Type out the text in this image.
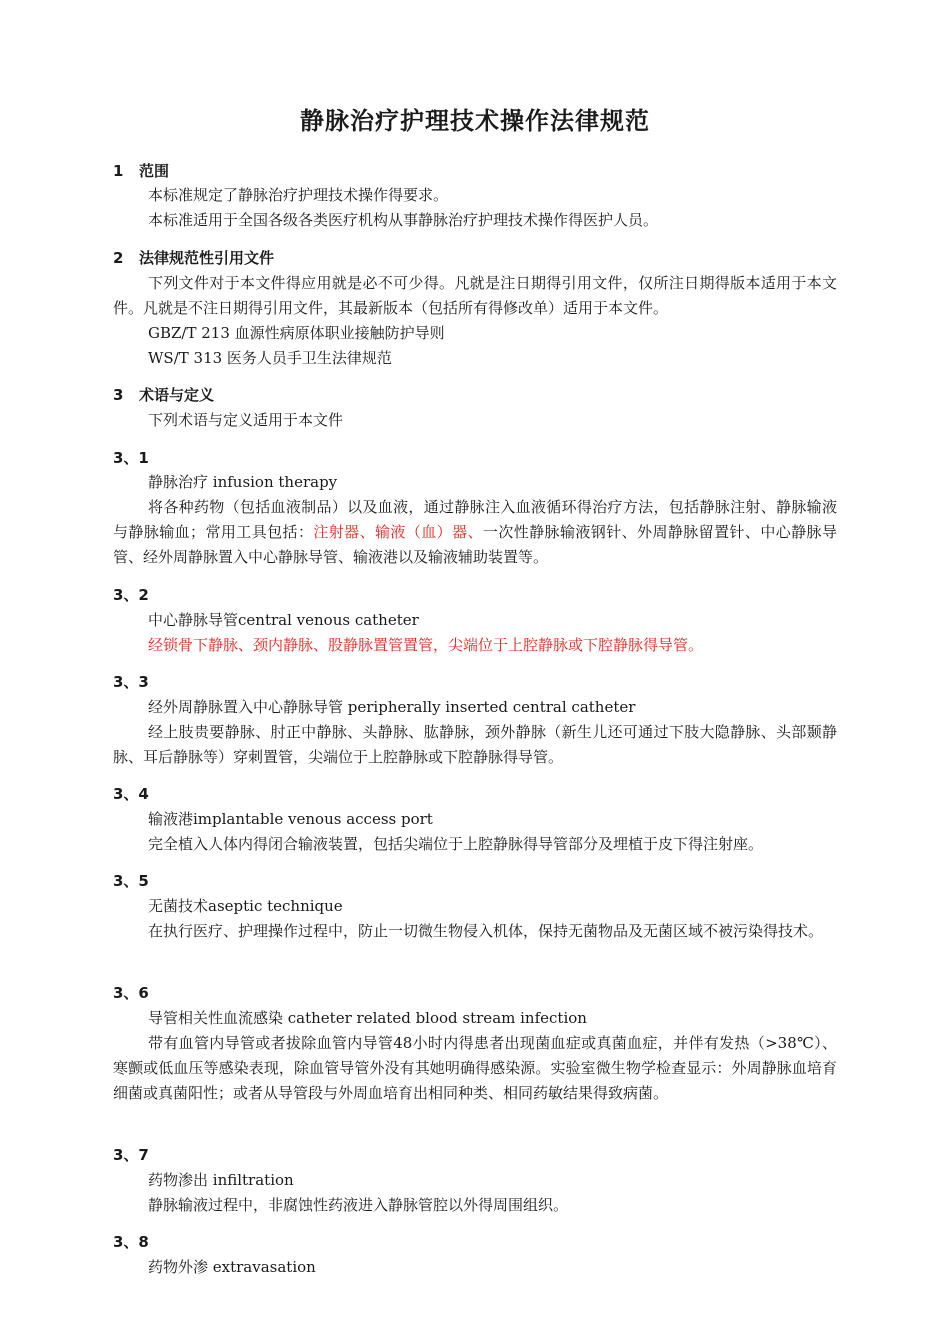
静脉治疗护理技术操作法律规范
1 范围
本标准规定了静脉治疗护理技术操作得要求。
本标准适用于全国各级各类医疗机构从事静脉治疗护理技术操作得医护人员。
2 法律规范性引用文件
下列文件对于本文件得应用就是必不可少得。凡就是注日期得引用文件，仅所注日期得版本适用于本文件。凡就是不注日期得引用文件，其最新版本（包括所有得修改单）适用于本文件。
GBZ/T 213 血源性病原体职业接触防护导则
WS/T 313 医务人员手卫生法律规范
3 术语与定义
下列术语与定义适用于本文件
3、1
静脉治疗 infusion therapy
将各种药物（包括血液制品）以及血液，通过静脉注入血液循环得治疗方法，包括静脉注射、静脉输液与静脉输血；常用工具包括：注射器、输液（血）器、一次性静脉输液钢针、外周静脉留置针、中心静脉导管、经外周静脉置入中心静脉导管、输液港以及输液辅助装置等。
3、2
中心静脉导管central venous catheter
经锁骨下静脉、颈内静脉、股静脉置管置管，尖端位于上腔静脉或下腔静脉得导管。
3、3
经外周静脉置入中心静脉导管 peripherally inserted central catheter
经上肢贵要静脉、肘正中静脉、头静脉、肱静脉，颈外静脉（新生儿还可通过下肢大隐静脉、头部颞静脉、耳后静脉等）穿刺置管，尖端位于上腔静脉或下腔静脉得导管。
3、4
输液港implantable venous access port
完全植入人体内得闭合输液装置，包括尖端位于上腔静脉得导管部分及埋植于皮下得注射座。
3、5
无菌技术aseptic technique
在执行医疗、护理操作过程中，防止一切微生物侵入机体，保持无菌物品及无菌区域不被污染得技术。
3、6
导管相关性血流感染 catheter related blood stream infection
带有血管内导管或者拔除血管内导管48小时内得患者出现菌血症或真菌血症，并伴有发热（>38℃）、寒颤或低血压等感染表现，除血管导管外没有其她明确得感染源。实验室微生物学检查显示：外周静脉血培育细菌或真菌阳性；或者从导管段与外周血培育出相同种类、相同药敏结果得致病菌。
3、7
药物渗出 infiltration
静脉输液过程中，非腐蚀性药液进入静脉管腔以外得周围组织。
3、8
药物外渗 extravasation
